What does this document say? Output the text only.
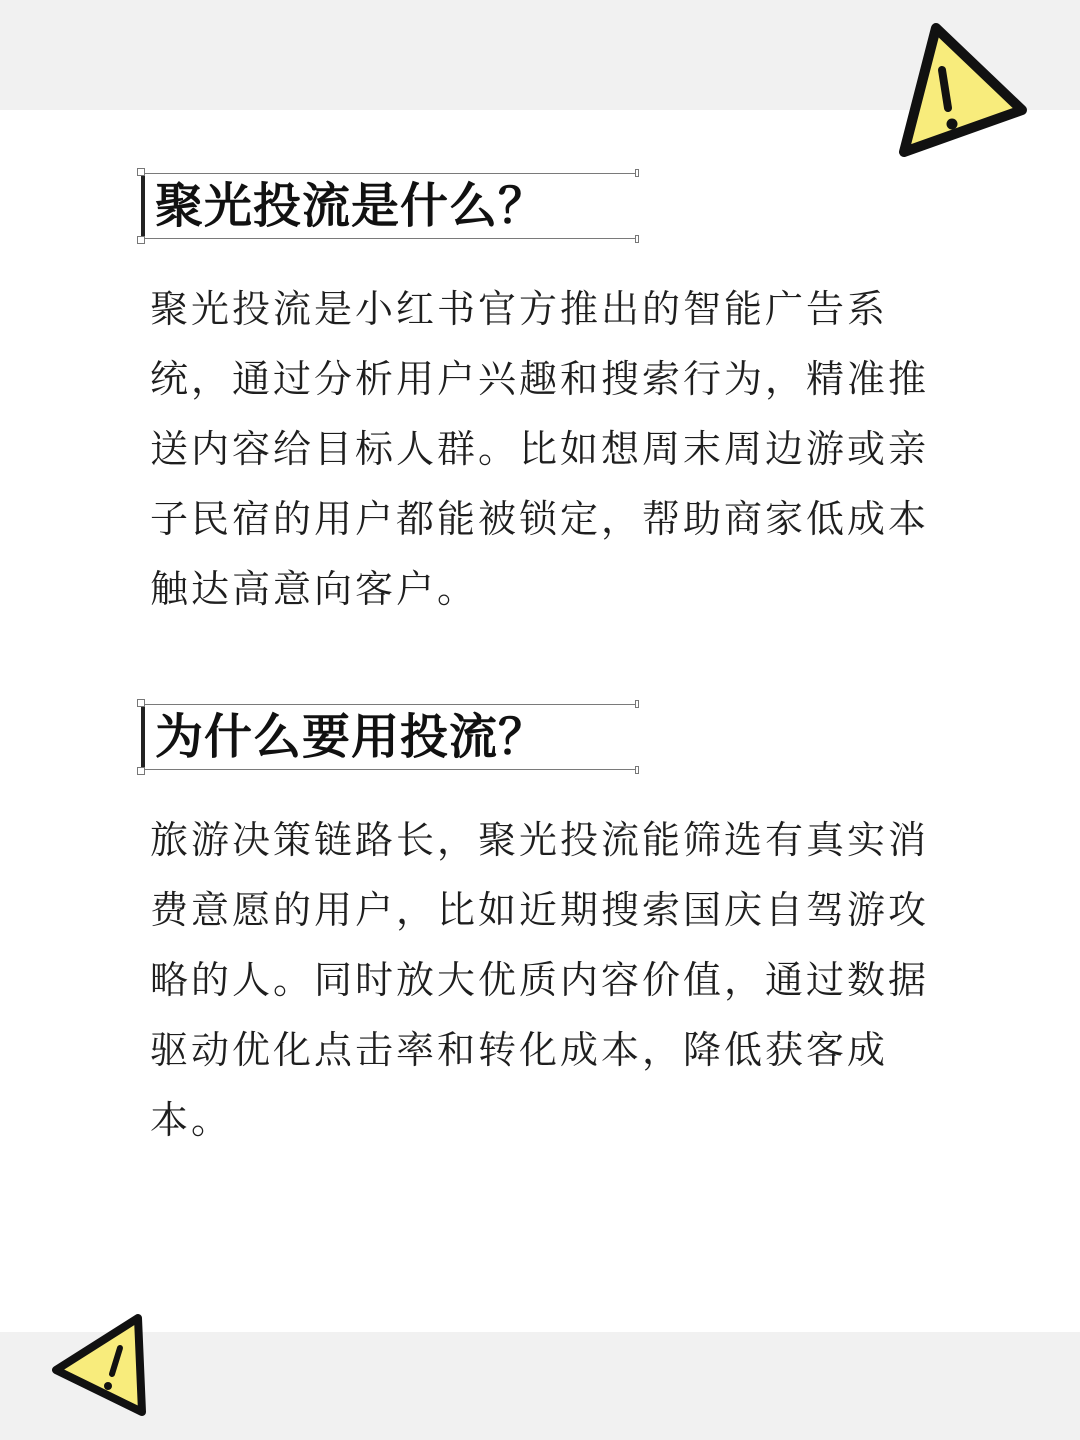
聚光投流是什么？
聚光投流是小红书官方推出的智能广告系
统，通过分析用户兴趣和搜索行为，精准推
送内容给目标人群。比如想周末周边游或亲
子民宿的用户都能被锁定，帮助商家低成本
触达高意向客户。
为什么要用投流？
旅游决策链路长，聚光投流能筛选有真实消
费意愿的用户，比如近期搜索国庆自驾游攻
略的人。同时放大优质内容价值，通过数据
驱动优化点击率和转化成本，降低获客成
本。
